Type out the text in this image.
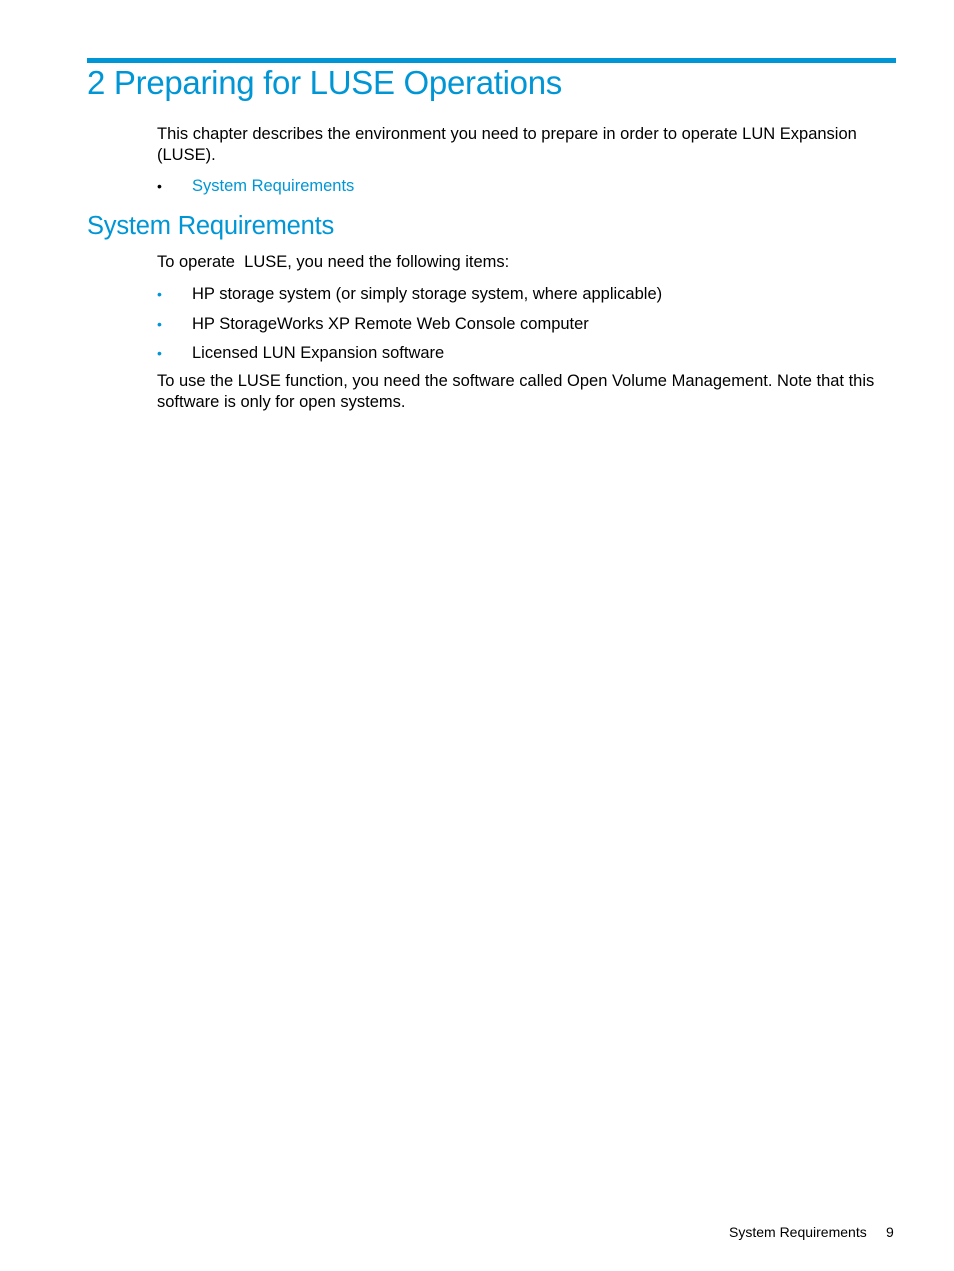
2 Preparing for LUSE Operations

This chapter describes the environment you need to prepare in order to operate LUN Expansion (LUSE).

•	System Requirements
System Requirements

To operate  LUSE, you need the following items:

•	HP storage system (or simply storage system, where applicable)
•	HP StorageWorks XP Remote Web Console computer
•	Licensed LUN Expansion software

To use the LUSE function, you need the software called Open Volume Management. Note that this software is only for open systems.

System Requirements 9
